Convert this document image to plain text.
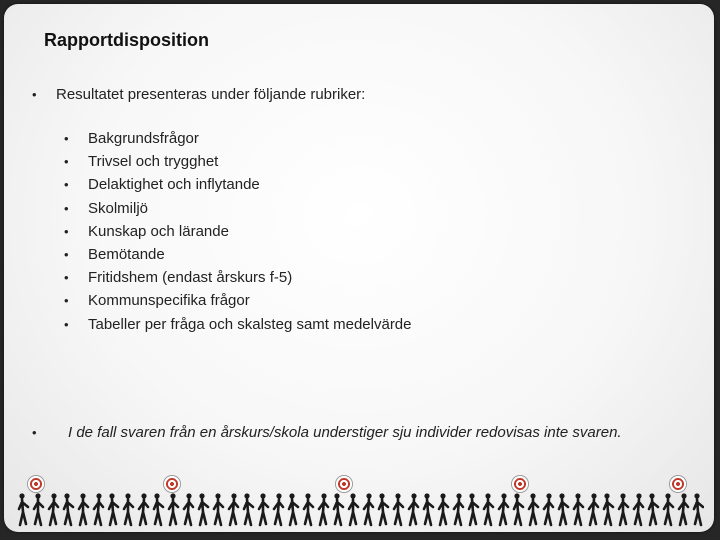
Rapportdisposition
• Resultatet presenteras under följande rubriker:
• Bakgrundsfrågor
• Trivsel och trygghet
• Delaktighet och inflytande
• Skolmiljö
• Kunskap och lärande
• Bemötande
• Fritidshem (endast årskurs f-5)
• Kommunspecifika frågor
• Tabeller per fråga och skalsteg samt medelvärde
• I de fall svaren från en årskurs/skola understiger sju individer redovisas inte svaren.
